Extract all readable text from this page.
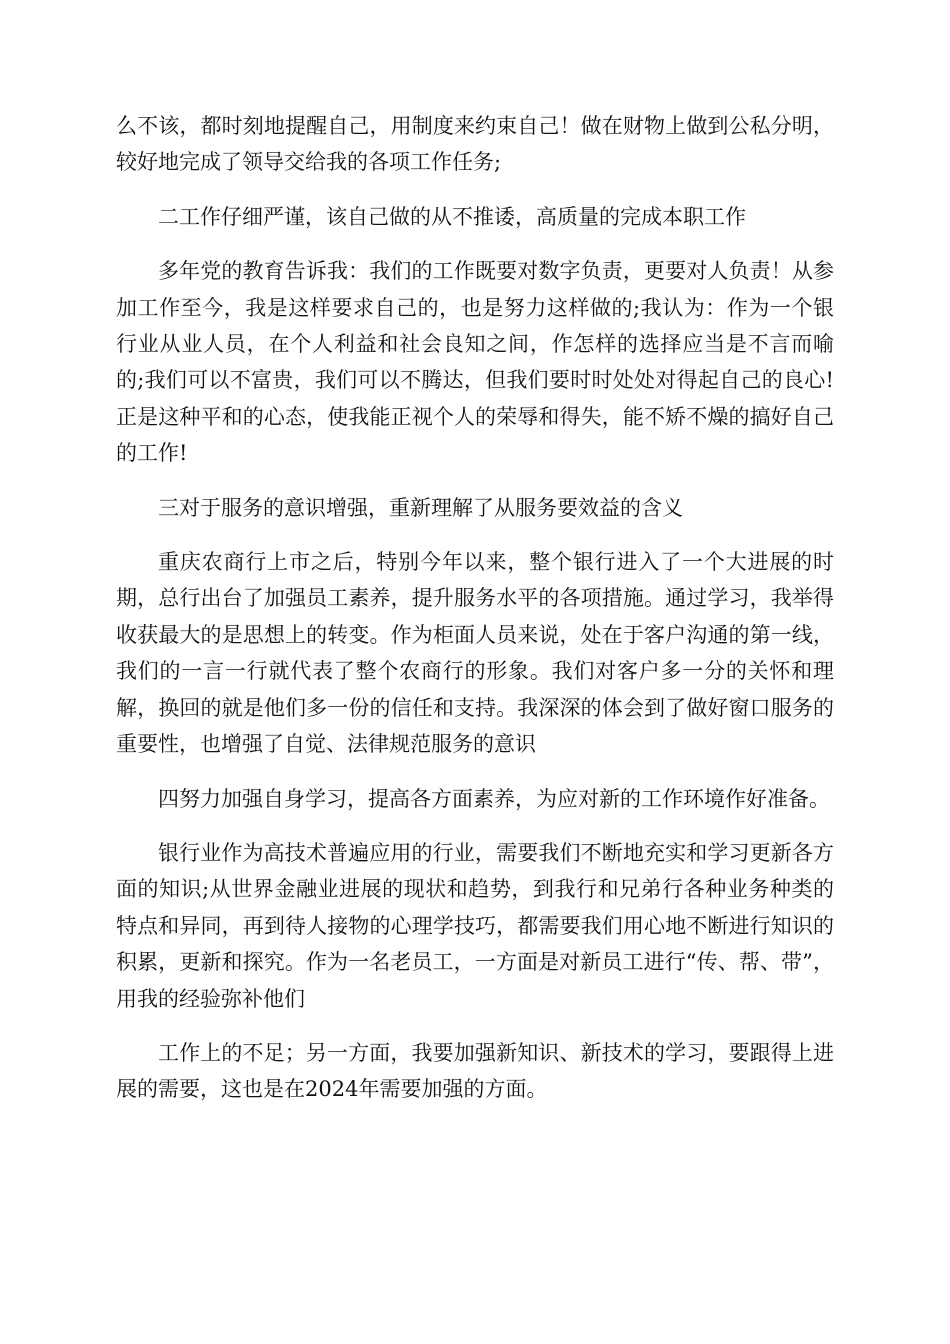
么不该，都时刻地提醒自己，用制度来约束自己！做在财物上做到公私分明，较好地完成了领导交给我的各项工作任务;

二工作仔细严谨，该自己做的从不推诿，高质量的完成本职工作

多年党的教育告诉我：我们的工作既要对数字负责，更要对人负责！从参加工作至今，我是这样要求自己的，也是努力这样做的;我认为：作为一个银行业从业人员，在个人利益和社会良知之间，作怎样的选择应当是不言而喻的;我们可以不富贵，我们可以不腾达，但我们要时时处处对得起自己的良心!正是这种平和的心态，使我能正视个人的荣辱和得失，能不矫不燥的搞好自己的工作!

三对于服务的意识增强，重新理解了从服务要效益的含义

重庆农商行上市之后，特别今年以来，整个银行进入了一个大进展的时期，总行出台了加强员工素养，提升服务水平的各项措施。通过学习，我举得收获最大的是思想上的转变。作为柜面人员来说，处在于客户沟通的第一线，我们的一言一行就代表了整个农商行的形象。我们对客户多一分的关怀和理解，换回的就是他们多一份的信任和支持。我深深的体会到了做好窗口服务的重要性，也增强了自觉、法律规范服务的意识

四努力加强自身学习，提高各方面素养，为应对新的工作环境作好准备。

银行业作为高技术普遍应用的行业，需要我们不断地充实和学习更新各方面的知识;从世界金融业进展的现状和趋势，到我行和兄弟行各种业务种类的特点和异同，再到待人接物的心理学技巧，都需要我们用心地不断进行知识的积累，更新和探究。作为一名老员工，一方面是对新员工进行“传、帮、带”，用我的经验弥补他们

工作上的不足；另一方面，我要加强新知识、新技术的学习，要跟得上进展的需要，这也是在2024年需要加强的方面。
